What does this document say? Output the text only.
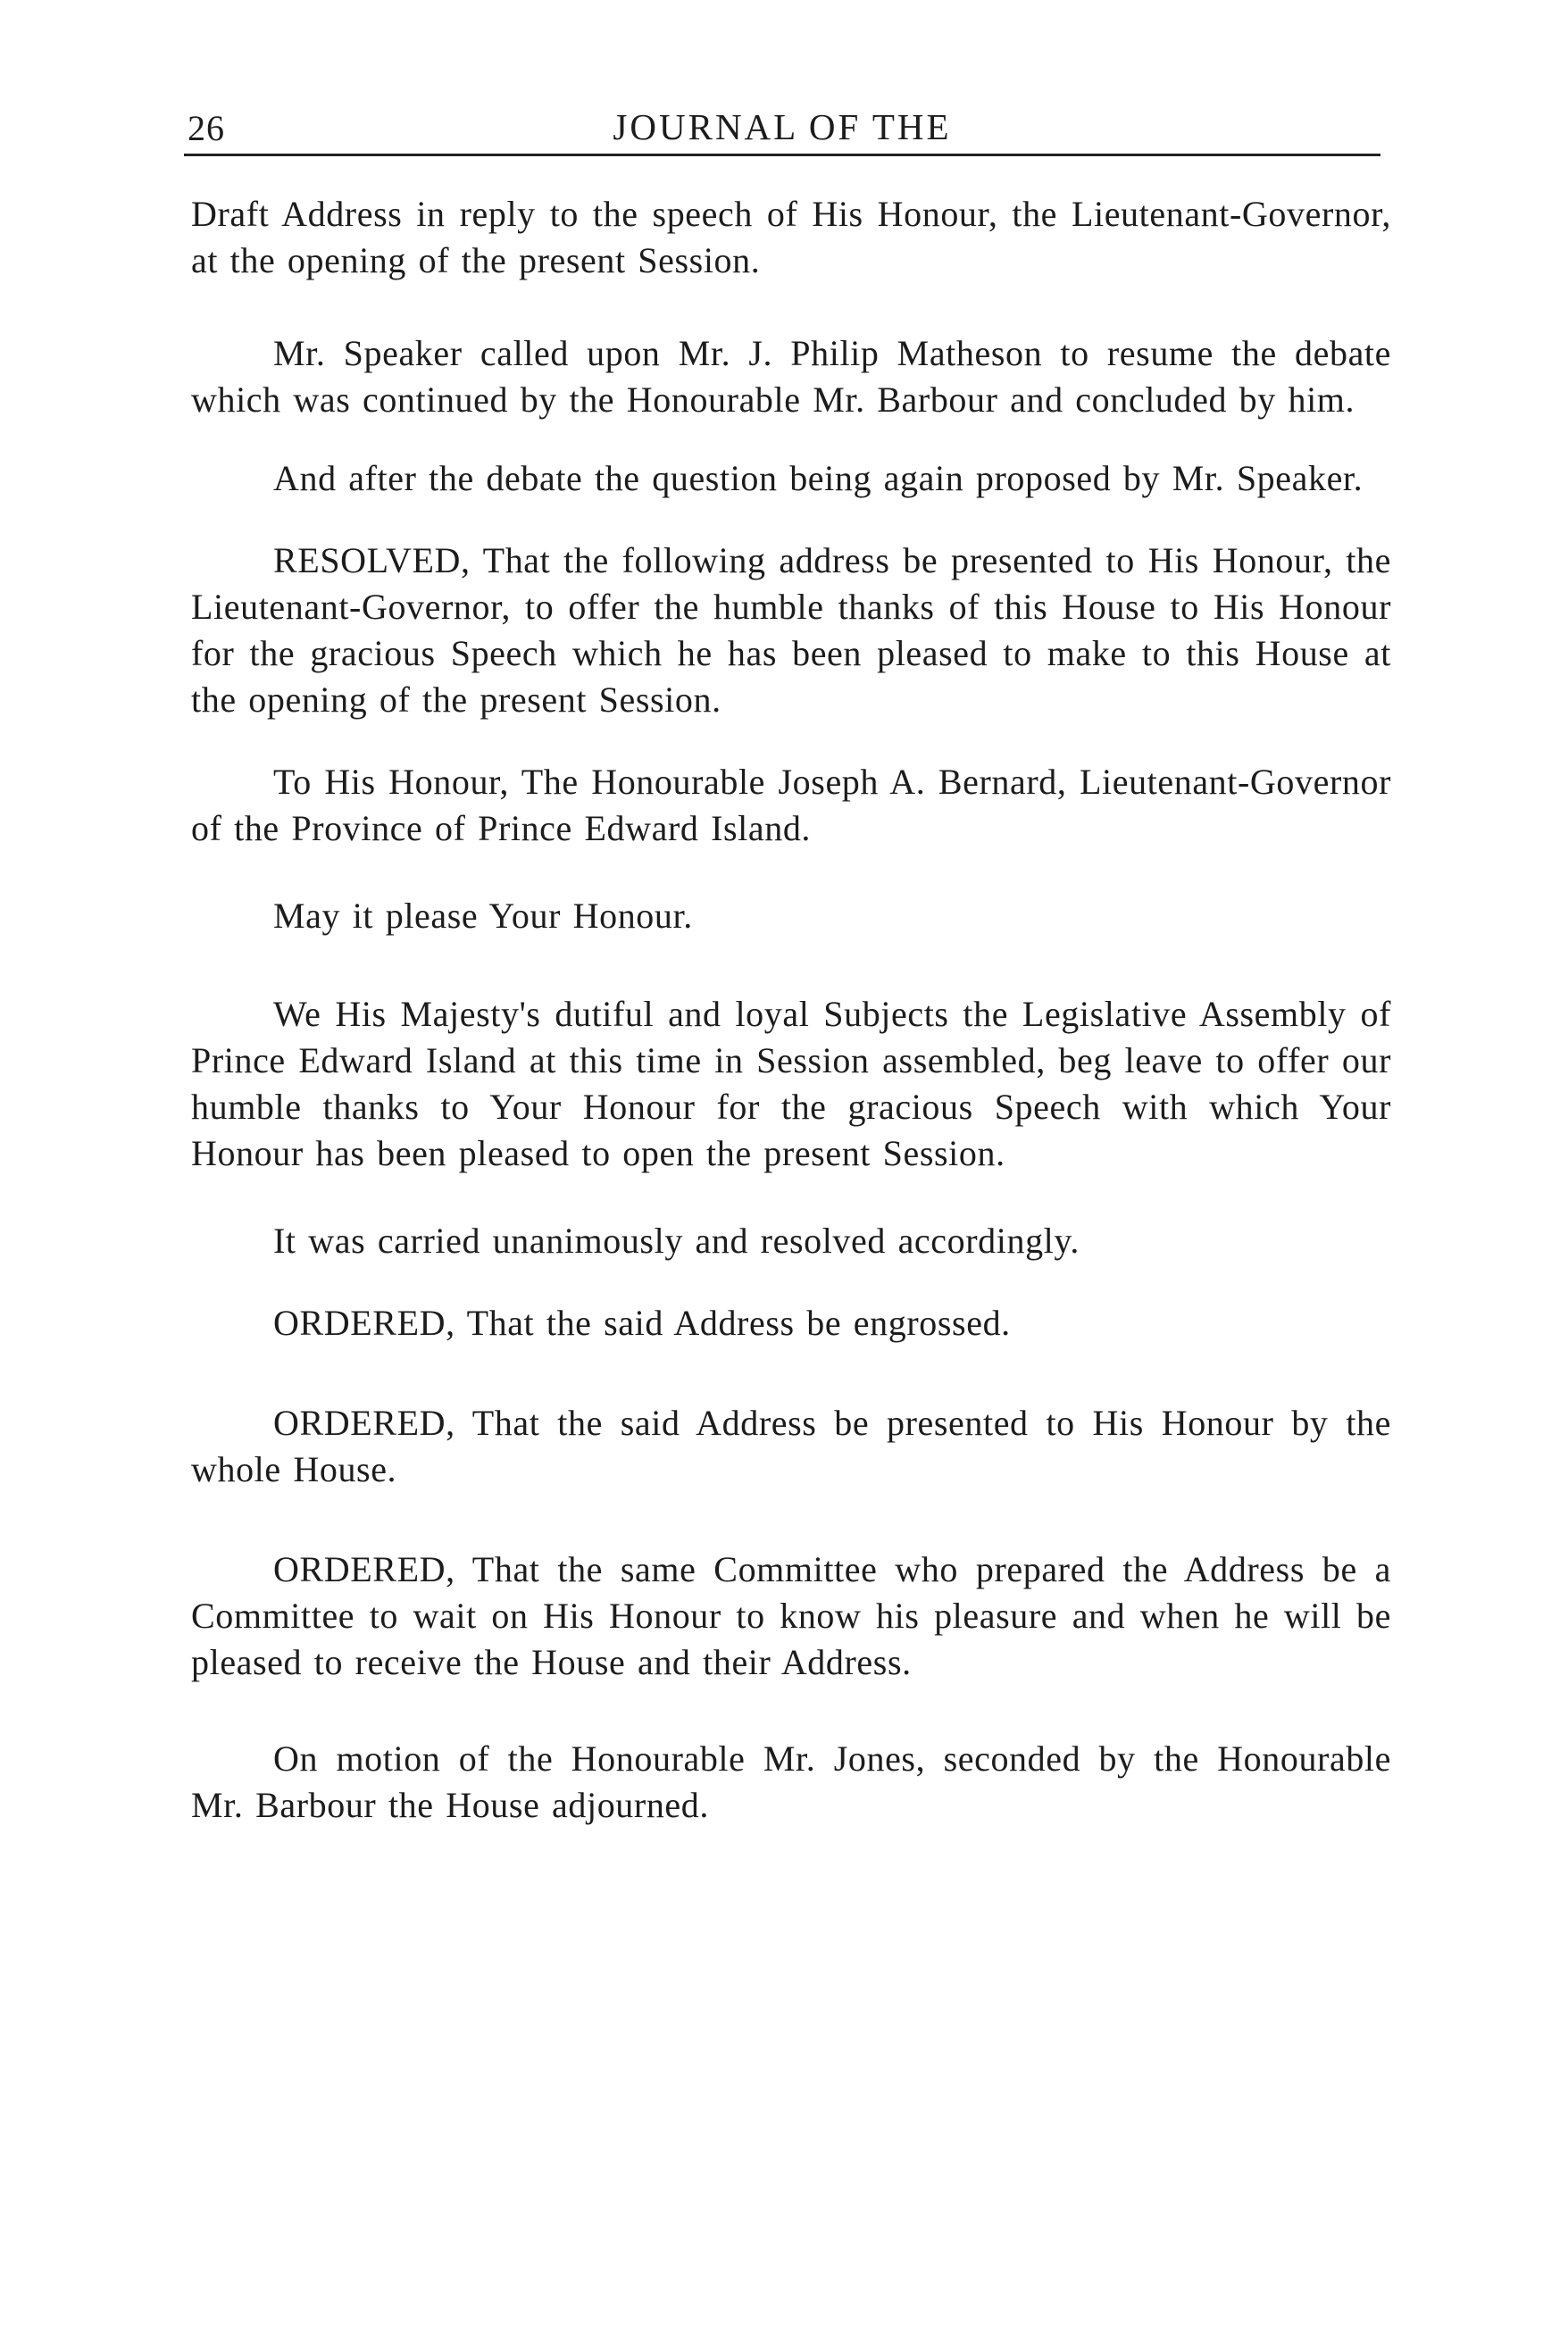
26	JOURNAL OF THE

Draft Address in reply to the speech of His Honour, the Lieutenant-Governor, at the opening of the present Session.

Mr. Speaker called upon Mr. J. Philip Matheson to resume the debate which was continued by the Honourable Mr. Barbour and concluded by him.

And after the debate the question being again proposed by Mr. Speaker.

RESOLVED, That the following address be presented to His Honour, the Lieutenant-Governor, to offer the humble thanks of this House to His Honour for the gracious Speech which he has been pleased to make to this House at the opening of the present Session.

To His Honour, The Honourable Joseph A. Bernard, Lieutenant-Governor of the Province of Prince Edward Island.

May it please Your Honour.

We His Majesty's dutiful and loyal Subjects the Legislative Assembly of Prince Edward Island at this time in Session assembled, beg leave to offer our humble thanks to Your Honour for the gracious Speech with which Your Honour has been pleased to open the present Session.

It was carried unanimously and resolved accordingly.

ORDERED, That the said Address be engrossed.

ORDERED, That the said Address be presented to His Honour by the whole House.

ORDERED, That the same Committee who prepared the Address be a Committee to wait on His Honour to know his pleasure and when he will be pleased to receive the House and their Address.

On motion of the Honourable Mr. Jones, seconded by the Honourable Mr. Barbour the House adjourned.
